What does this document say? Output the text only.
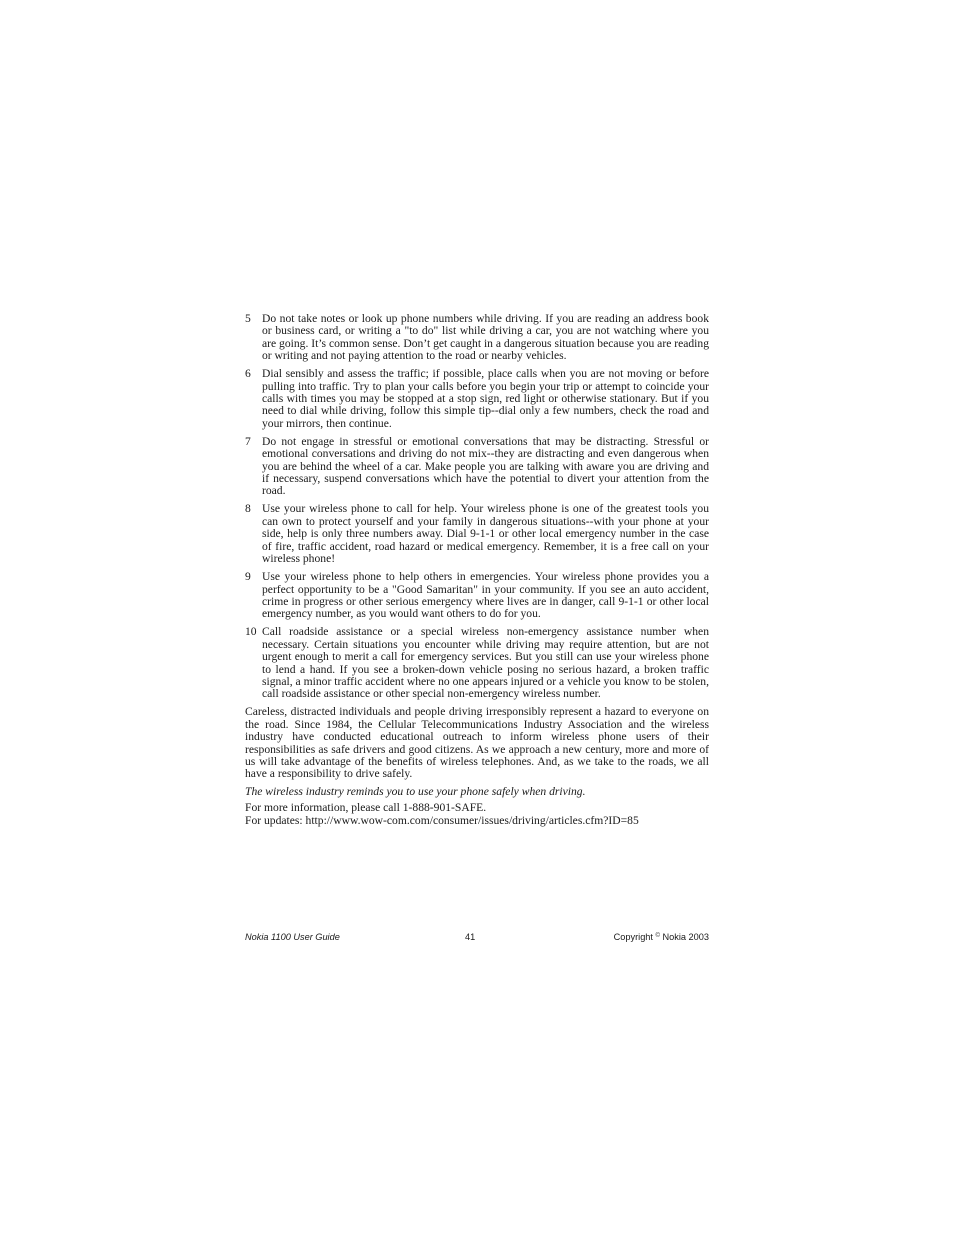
5 Do not take notes or look up phone numbers while driving. If you are reading an address book or business card, or writing a "to do" list while driving a car, you are not watching where you are going. It’s common sense. Don’t get caught in a dangerous situation because you are reading or writing and not paying attention to the road or nearby vehicles.
6 Dial sensibly and assess the traffic; if possible, place calls when you are not moving or before pulling into traffic. Try to plan your calls before you begin your trip or attempt to coincide your calls with times you may be stopped at a stop sign, red light or otherwise stationary. But if you need to dial while driving, follow this simple tip--dial only a few numbers, check the road and your mirrors, then continue.
7 Do not engage in stressful or emotional conversations that may be distracting. Stressful or emotional conversations and driving do not mix--they are distracting and even dangerous when you are behind the wheel of a car. Make people you are talking with aware you are driving and if necessary, suspend conversations which have the potential to divert your attention from the road.
8 Use your wireless phone to call for help. Your wireless phone is one of the greatest tools you can own to protect yourself and your family in dangerous situations--with your phone at your side, help is only three numbers away. Dial 9-1-1 or other local emergency number in the case of fire, traffic accident, road hazard or medical emergency. Remember, it is a free call on your wireless phone!
9 Use your wireless phone to help others in emergencies. Your wireless phone provides you a perfect opportunity to be a "Good Samaritan" in your community. If you see an auto accident, crime in progress or other serious emergency where lives are in danger, call 9-1-1 or other local emergency number, as you would want others to do for you.
10 Call roadside assistance or a special wireless non-emergency assistance number when necessary. Certain situations you encounter while driving may require attention, but are not urgent enough to merit a call for emergency services. But you still can use your wireless phone to lend a hand. If you see a broken-down vehicle posing no serious hazard, a broken traffic signal, a minor traffic accident where no one appears injured or a vehicle you know to be stolen, call roadside assistance or other special non-emergency wireless number.

Careless, distracted individuals and people driving irresponsibly represent a hazard to everyone on the road. Since 1984, the Cellular Telecommunications Industry Association and the wireless industry have conducted educational outreach to inform wireless phone users of their responsibilities as safe drivers and good citizens. As we approach a new century, more and more of us will take advantage of the benefits of wireless telephones. And, as we take to the roads, we all have a responsibility to drive safely.

The wireless industry reminds you to use your phone safely when driving.

For more information, please call 1-888-901-SAFE.

For updates: http://www.wow-com.com/consumer/issues/driving/articles.cfm?ID=85

Nokia 1100 User Guide	41	Copyright © Nokia 2003
